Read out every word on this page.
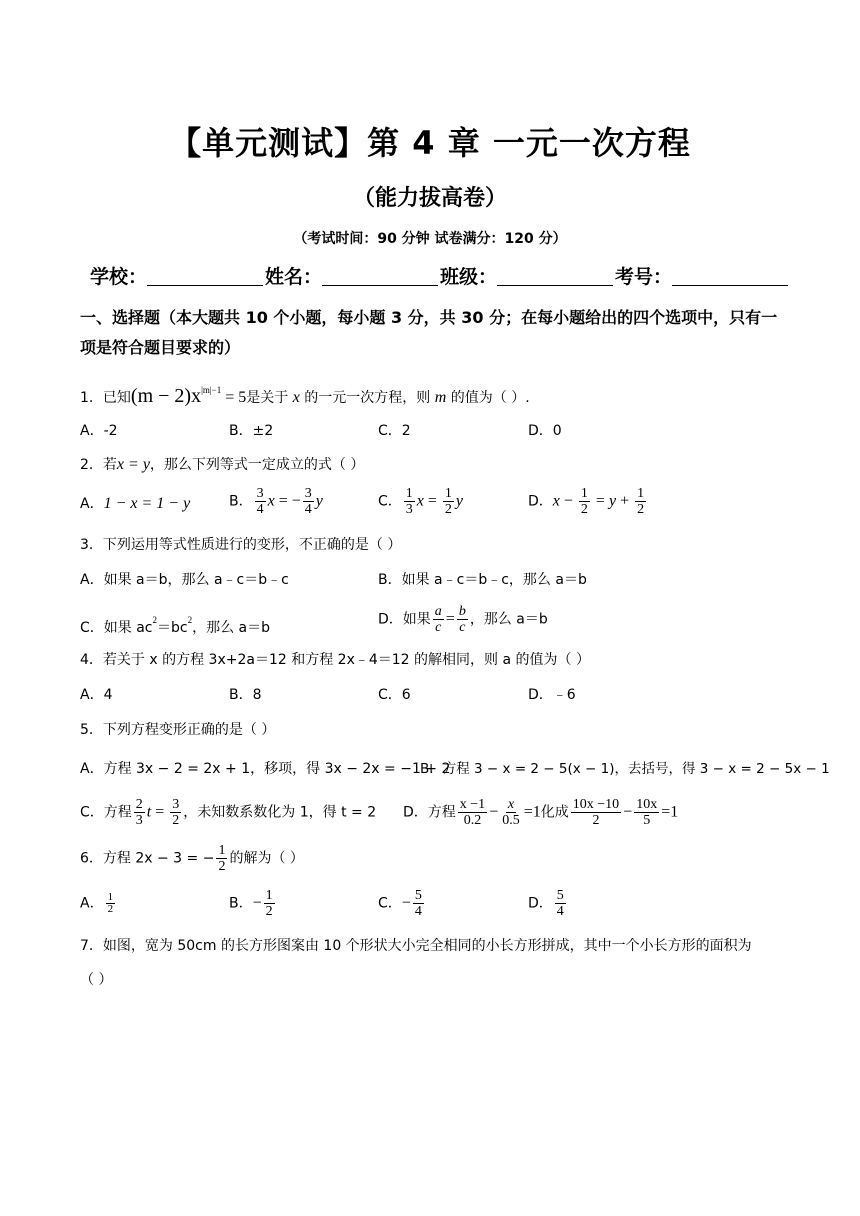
【单元测试】第 4 章 一元一次方程
（能力拔高卷）
（考试时间：90 分钟 试卷满分：120 分）
学校：	姓名：	班级：	考号：
一、选择题（本大题共 10 个小题，每小题 3 分，共 30 分；在每小题给出的四个选项中，只有一项是符合题目要求的）
1．已知$(m - 2)x^{|m|-1} = 5$是关于 x 的一元一次方程，则 m 的值为（ ）.
A．-2	B．±2	C．2	D．0
2．若x = y，那么下列等式一定成立的式（ ）
A．1 − x = 1 − y	B． $\frac{3}{4}$ x = − $\frac{3}{4}$ y	C． $\frac{1}{3}$ $x = \frac{1}{2}$ y	D．$x - \frac{1}{2} = y + \frac{1}{2}$
3．下列运用等式性质进行的变形，不正确的是（ ）
A．如果 a＝b，那么 a﹣c＝b﹣c	B．如果 a﹣c＝b﹣c，那么 a＝b
C．如果 $ac^2=bc^2$，那么 a＝b
D．如果 $\frac{a}{c} = \frac{b}{c}$ ，那么 a＝b
4．若关于 x 的方程 3x+2a＝12 和方程 2x﹣4＝12 的解相同，则 a 的值为（ ）
A．4	B．8	C．6	D．﹣6
5．下列方程变形正确的是（ ）
A．方程 3x − 2 = 2x + 1，移项，得 3x − 2x = −1 + 2
B．方程 3 − x = 2 − 5(x − 1)，去括号，得 3 − x = 2 − 5x − 1
C．方程 $\frac{2}{3}$ $t = \frac{3}{2}$ ，未知数系数化为 1，得 t = 2 D．方程 $\frac{x -1}{0.2} - \frac{x}{0.5} =1$化成 $\frac{10x -10}{2} - \frac{10x}{5} =1$
6．方程 2x − 3 = − $\frac{1}{2}$ 的解为（ ）
A． $\frac{1}{2}$	B．− $\frac{1}{2}$	C．− $\frac{5}{4}$	D． $\frac{5}{4}$
7．如图，宽为 50cm 的长方形图案由 10 个形状大小完全相同的小长方形拼成，其中一个小长方形的面积为
（ ）
